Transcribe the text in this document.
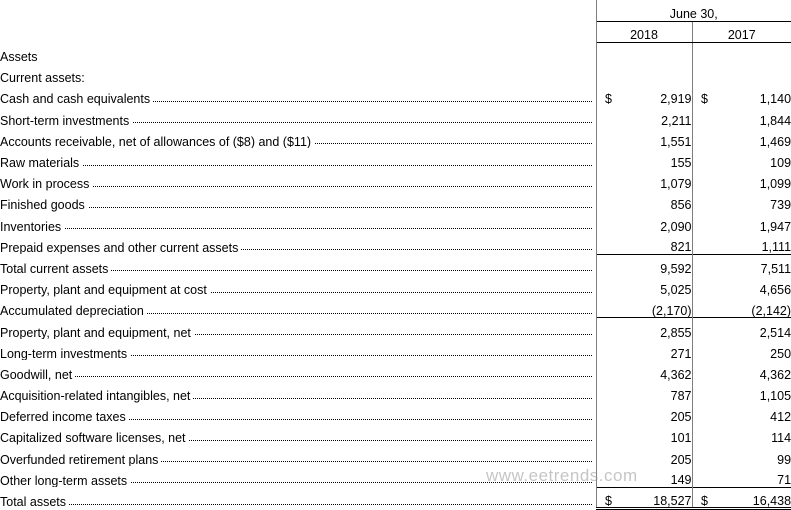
	June 30,			
	2018		2017	
Assets				
Current assets:				

Cash and cash equivalents	$	2,919	$	1,140

Short-term investments		2,211		1,844

Accounts receivable, net of allowances of ($8) and ($11)		1,551		1,469

Raw materials		155		109

Work in process		1,079		1,099

Finished goods		856		739

Inventories		2,090		1,947

Prepaid expenses and other current assets		821		1,111

Total current assets		9,592		7,511

Property, plant and equipment at cost		5,025		4,656

Accumulated depreciation		(2,170)		(2,142)

Property, plant and equipment, net		2,855		2,514

Long-term investments		271		250

Goodwill, net		4,362		4,362

Acquisition-related intangibles, net		787		1,105

Deferred income taxes		205		412

Capitalized software licenses, net		101		114

Overfunded retirement plans		205		99

Other long-term assets		149		71

Total assets	$	18,527	$	16,438
www.eetrends.com
